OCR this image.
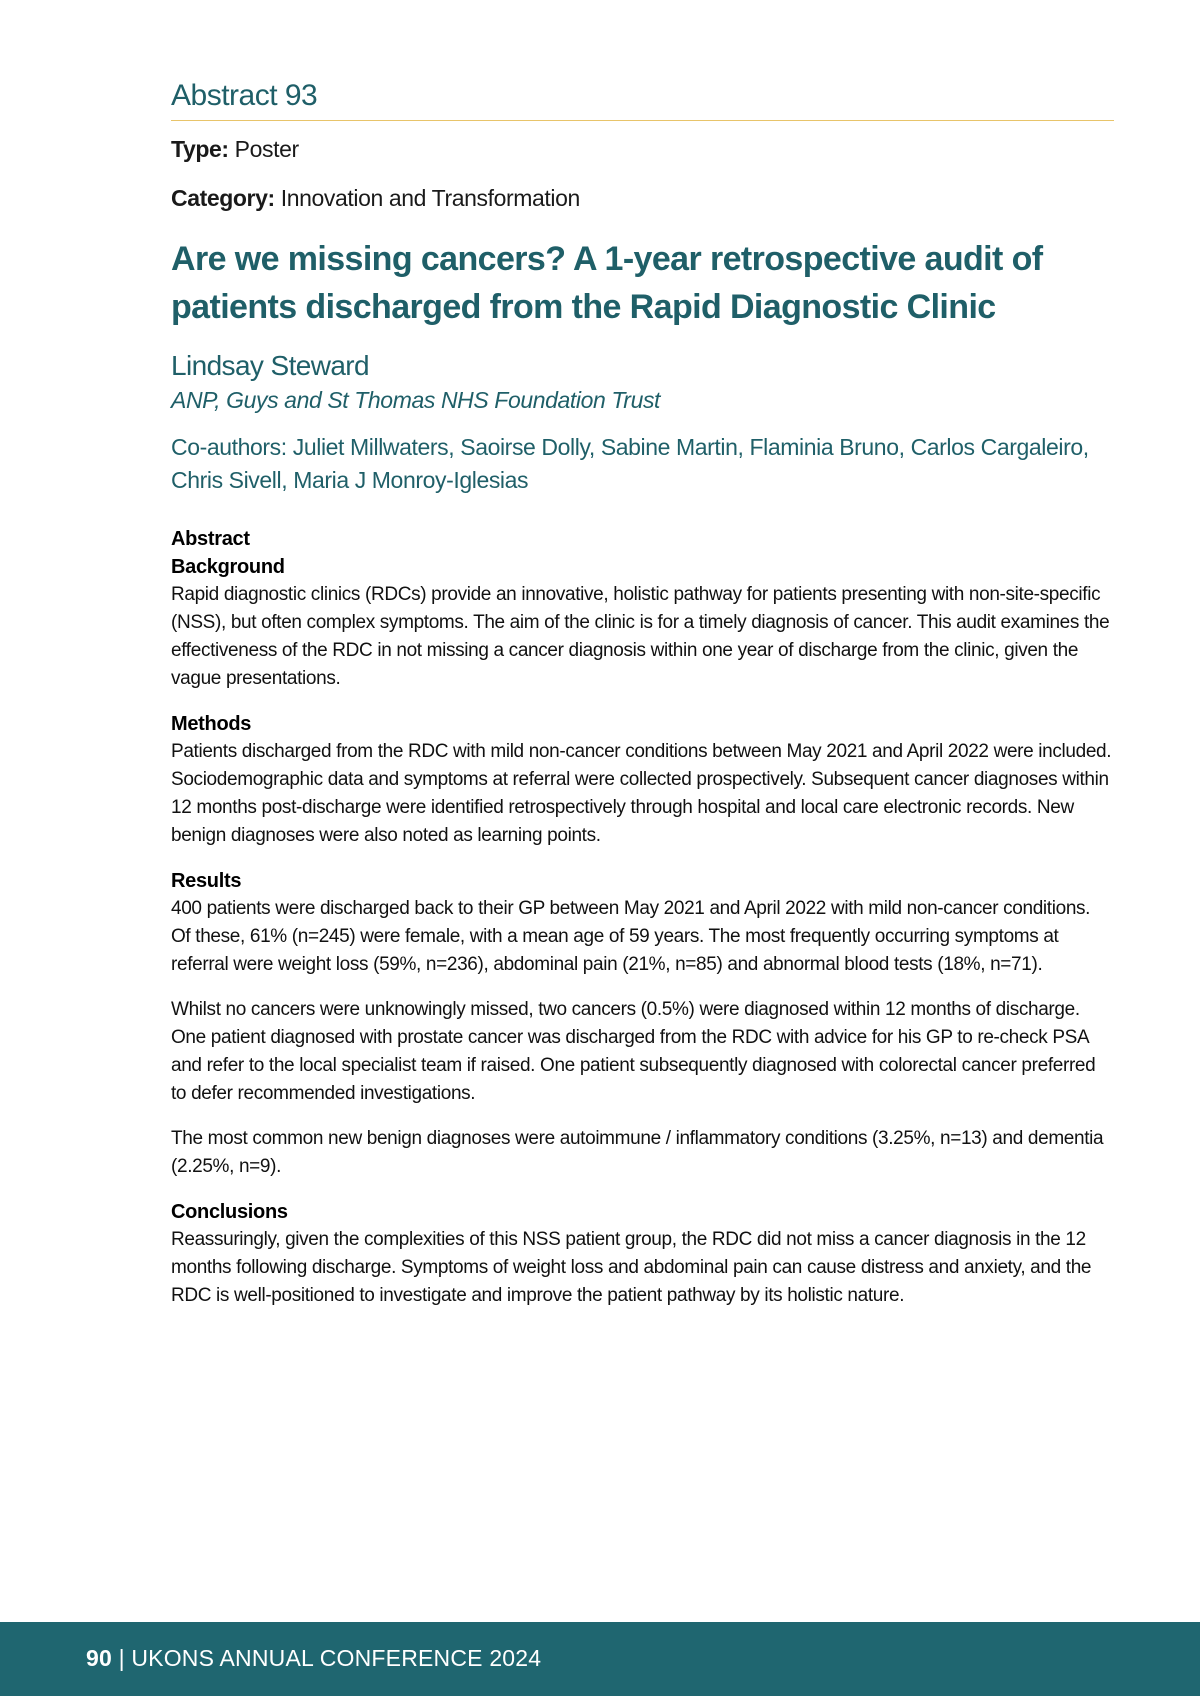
Abstract 93
Type: Poster
Category: Innovation and Transformation
Are we missing cancers? A 1-year retrospective audit of
patients discharged from the Rapid Diagnostic Clinic
Lindsay Steward
ANP, Guys and St Thomas NHS Foundation Trust
Co-authors: Juliet Millwaters, Saoirse Dolly, Sabine Martin, Flaminia Bruno, Carlos Cargaleiro,
Chris Sivell, Maria J Monroy-Iglesias
Abstract
Background

Rapid diagnostic clinics (RDCs) provide an innovative, holistic pathway for patients presenting with non-site-specific (NSS), but often complex symptoms. The aim of the clinic is for a timely diagnosis of cancer. This audit examines the effectiveness of the RDC in not missing a cancer diagnosis within one year of discharge from the clinic, given the vague presentations.

Methods

Patients discharged from the RDC with mild non-cancer conditions between May 2021 and April 2022 were included. Sociodemographic data and symptoms at referral were collected prospectively. Subsequent cancer diagnoses within 12 months post-discharge were identified retrospectively through hospital and local care electronic records. New benign diagnoses were also noted as learning points.

Results

400 patients were discharged back to their GP between May 2021 and April 2022 with mild non-cancer conditions. Of these, 61% (n=245) were female, with a mean age of 59 years. The most frequently occurring symptoms at referral were weight loss (59%, n=236), abdominal pain (21%, n=85) and abnormal blood tests (18%, n=71).

Whilst no cancers were unknowingly missed, two cancers (0.5%) were diagnosed within 12 months of discharge. One patient diagnosed with prostate cancer was discharged from the RDC with advice for his GP to re-check PSA and refer to the local specialist team if raised. One patient subsequently diagnosed with colorectal cancer preferred to defer recommended investigations.

The most common new benign diagnoses were autoimmune / inflammatory conditions (3.25%, n=13) and dementia (2.25%, n=9).

Conclusions

Reassuringly, given the complexities of this NSS patient group, the RDC did not miss a cancer diagnosis in the 12 months following discharge. Symptoms of weight loss and abdominal pain can cause distress and anxiety, and the RDC is well-positioned to investigate and improve the patient pathway by its holistic nature.

90 | UKONS ANNUAL CONFERENCE 2024
